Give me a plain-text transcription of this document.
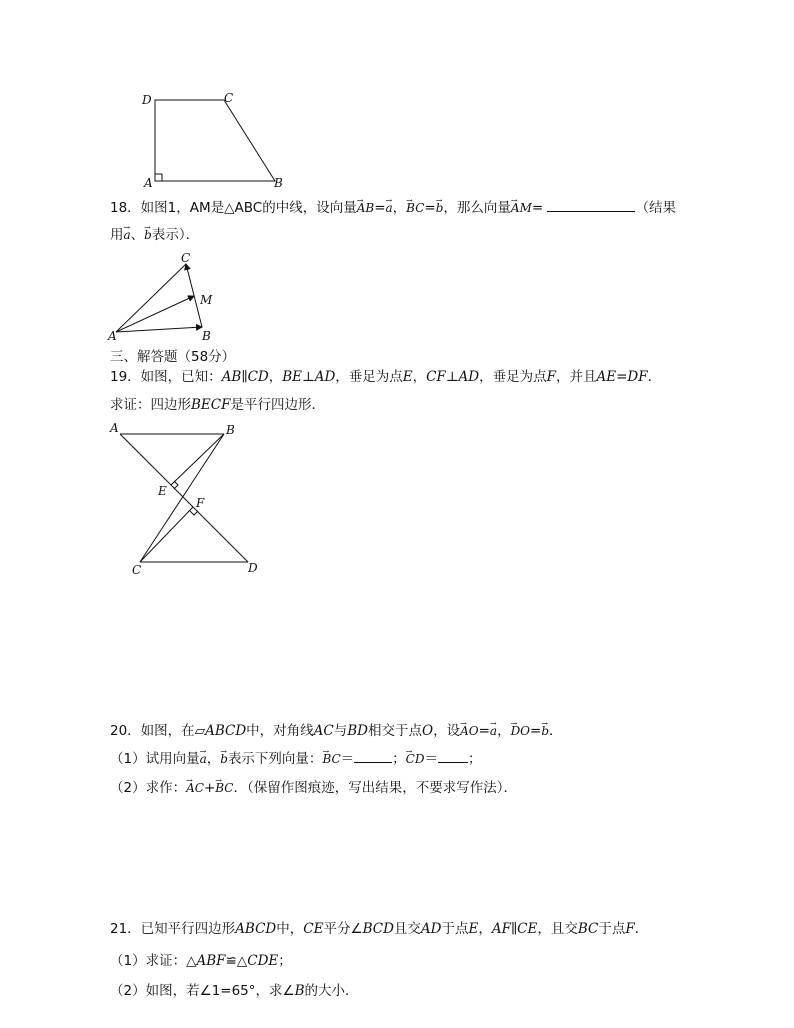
D	C
A	B
18．如图1，AM是△ABC的中线，设向量→ AB=→ a，→ BC=→ b，那么向量→ AM=	（结果
用→ a、→ b表示）．
C
M
A	B
三、解答题（58分）
19．如图，已知：AB∥CD，BE⊥AD，垂足为点E，CF⊥AD，垂足为点F，并且AE=DF．
求证：四边形BECF是平行四边形．
A	B
E
F
C	D
20．如图，在▱ABCD中，对角线AC与BD相交于点O，设→ AO=→ a，→ DO=→ b．
（1）试用向量→ a，→ b表示下列向量：→ BC＝	；→ CD＝ ；
（2）求作：→ AC+→ BC．（保留作图痕迹，写出结果，不要求写作法）．
21．已知平行四边形ABCD中，CE平分∠BCD且交AD于点E，AF∥CE，且交BC于点F．
（1）求证：△ABF≌△CDE；
（2）如图，若∠1=65°，求∠B的大小．
